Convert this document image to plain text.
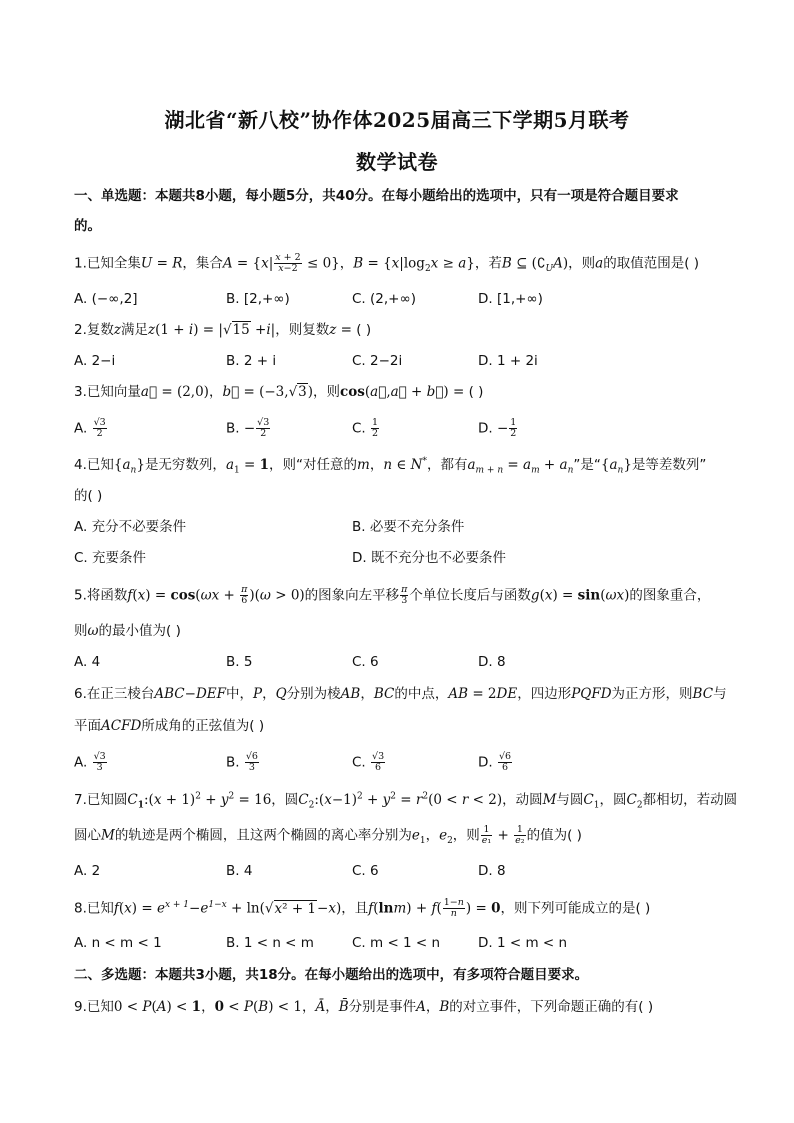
湖北省“新八校”协作体2025届高三下学期5月联考
数学试卷
一、单选题：本题共8小题，每小题5分，共40分。在每小题给出的选项中，只有一项是符合题目要求
的。
1.已知全集U = R，集合$A = \{x| \frac{x + 2}{x-2} \le 0\}$，$B = \{x|\log_2x \ge a\}$，若B ⊆ $(∁_UA)$，则a的取值范围是( )
A. (−∞,2]	B. [2,+∞)	C. (2,+∞)	D. [1,+∞)
2.复数z满足z(1 + i) = |√15 +i|，则复数z = ( )
A. 2−i	B. 2 + i	C. 2−2i	D. 1 + 2i
3.已知向量a⃗ = (2,0)，b⃗ = (−3,√3)，则cos(a⃗,a⃗ + b⃗) = ( )
A. $\frac{√3}{2}$	B. − $\frac{√3}{2}$	C. $\frac{1}{2}$	D. − $\frac{1}{2}$
4.已知$\{a_n\}$是无穷数列，$a_1 = 1$，则“对任意的m，n ∈ N*，都有$a_{m + n} = a_m + a_n$”是“$\{a_n\}$是等差数列”
的( )
A. 充分不必要条件	B. 必要不充分条件
C. 充要条件	D. 既不充分也不必要条件
5.将函数$f(x) = \cos(\omega x + \frac{\pi}{6} )(\omega > 0)$的图象向左平移 $\frac{\pi}{3}$ 个单位长度后与函数g(x) = sin(ωx)的图象重合，
则ω的最小值为( )
A. 4	B. 5	C. 6	D. 8
6.在正三棱台ABC−DEF中，P，Q分别为棱AB，BC的中点，AB = 2DE，四边形PQFD为正方形，则BC与
平面ACFD所成角的正弦值为( )
A. $\frac{√3}{3}$	B. $\frac{√6}{3}$	C. $\frac{√3}{6}$	D. $\frac{√6}{6}$
7.已知圆$C_1:(x + 1)^2 + y^2 = 16$，圆$C_2:(x-1)^2 + y^2 = r^2(0 < r < 2)$，动圆M与圆$C_1$，圆$C_2$都相切，若动圆
圆心M的轨迹是两个椭圆，且这两个椭圆的离心率分别为$e_1$，$e_2$，则 $\frac{1}{\text{e₁}} + \frac{1}{\text{e₂}}$ 的值为( )
A. 2	B. 4	C. 6	D. 8
8.已知$f(x) = e^{x + 1}-e^{1-x} + \ln(√x^2 + 1-x)$，且$f(\ln m) + f( \frac{1-n}{n}$ ) = 0，则下列可能成立的是( )
A. n < m < 1	B. 1 < n < m	C. m < 1 < n	D. 1 < m < n
二、多选题：本题共3小题，共18分。在每小题给出的选项中，有多项符合题目要求。
9.已知0 < P(A) < 1，0 < P(B) < 1，Ā，B̄分别是事件A，B的对立事件，下列命题正确的有( )
